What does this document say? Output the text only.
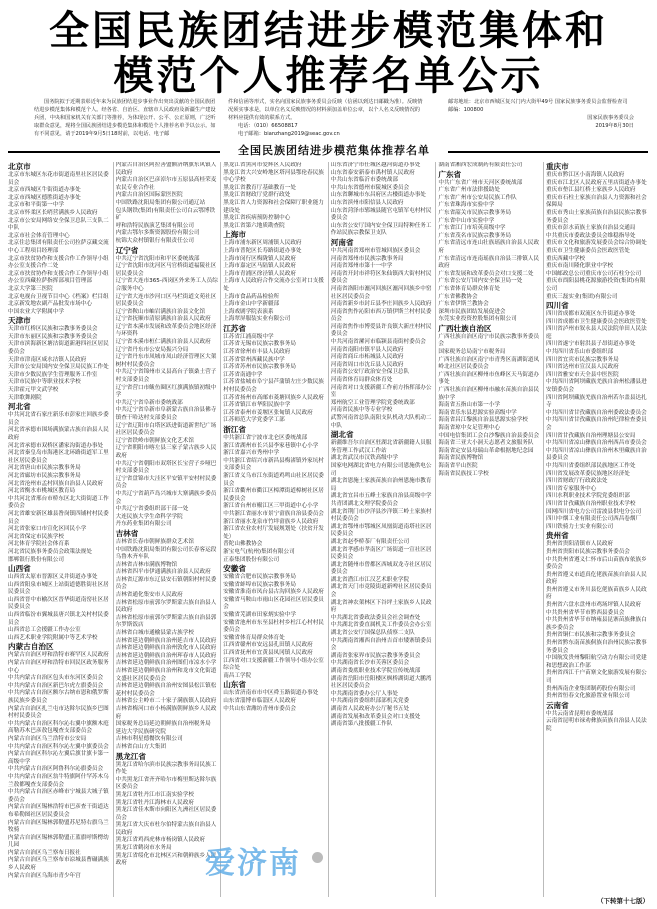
全国民族团结进步模范集体和
模范个人推荐名单公示

国务院拟于近期表彰近年来为民族团结进步事业作出突出贡献的全国民族团结进步模范集体和模范个人。经各省、自治区、直辖市人民政府及新疆生产建设兵团，中央和国家机关有关部门等推荐，为体现公开、公平、公正原则，广泛听取群众意见，现将全国民族团结进步模范集体和模范个人推荐名单予以公示。如有不同意见，请于2019年9月5日18时前，以电话、电子邮

件和信函等形式，实名向国家民族事务委员会反映（信函以到达日邮戳为准）。反映情况须实事求是，以单位名义反映情况的材料须加盖单位公章，以个人名义反映情况的材料应提供有效的联系方式。

电话：（010）66508817

电子邮箱：bianzhang2019@seac.gov.cn

邮寄地址：北京市西城区复兴门内大街甲49号 国家民族事务委员会监督检查司

邮编：100800

国家民族事务委员会

2019年8月30日

全国民族团结进步模范集体推荐名单
北京市
北京市东城区东花市街道南里社区居民委员会
北京市西城区牛街街道办事处
北京市西城区德胜街道办事处
北京市和平街第一中学
北京市怀柔区长哨营满族乡人民政府
北京市公安局网络安全保卫总队三支队二中队
北京市社会体育管理中心
北京住总集团有限责任公司拉萨京藏交流中心工程项目经理部
北京市扶贫协作和支援合作工作领导小组办公室支援合作二处
北京市扶贫协作和支援合作工作领导小组办公室西藏拉萨指挥部项目管理部
北京大学第三医院
北京电视台卫视节目中心《档案》栏目组
北京新发地农副产品批发市场中心
中国农业大学附属中学
天津市
天津市红桥区民族和宗教事务委员会
天津市东丽区民族和宗教事务委员会
天津市滨海新区塘沽街道新港四社区居民委员会
天津市津南区咸水沽镇人民政府
天津市公安局国内安全保卫局民族工作处
天津市少数民族学生管理服务工作室
天津市民族中等职业技术学校
天津霍元甲文武学校
天津歌舞剧院
河北省
中共河北省石家庄新乐市彭家庄回族乡委员会
河北省承德市围场满族蒙古族自治县人民政府
河北省承德市双桥区潘家沟街道办事处
河北省秦皇岛市海港区北环路街道军工里社区居民委员会
河北省唐山市民族宗教事务局
河北省廊坊市民族宗教事务局
河北省沧州市孟村回族自治县人民政府
河北省衡水市桃城区教育局
中共河北省邢台市桥东区北大街街道工作委员会
河北省雄安新区雄县昝岗镇四铺村村民委员会
河北省张家口市宣化区回民小学
河北省保定市民族学校
河北体育学院社会体育系
河北省民族事务委员会政策法规处
邯郸银行股份有限公司
山西省
山西省太原市晋源区义井街道办事处
山西省阳泉市城区上站街道德胜街社区居民委员会
山西省晋中市榆次区晋华街道南窑社区居民委员会
山西省临汾市翼城县唐兴镇北关村村民委员会
山西省总工会援疆工作办公室
山西艺术职业学院附属中等艺术学校
内蒙古自治区
内蒙古自治区呼和浩特市赛罕区人民政府
内蒙古自治区呼和浩特市回民区政务服务中心
中共内蒙古自治区包头市东河区委员会
中共内蒙古自治区新巴尔虎左旗委员会
中共内蒙古自治区额尔古纳市恩和俄罗斯族民族乡委员会
内蒙古自治区扎兰屯市达斡尔民族乡巴图村村民委员会
中共内蒙古自治区科尔沁右翼中旗额木庭高勒苏木巴彦敖包嘎查支部委员会
内蒙古自治区乌兰浩特市公安局
中共内蒙古自治区科尔沁左翼中旗委员会
内蒙古自治区科尔沁左翼后旗甘旗卡第一高级中学
中共内蒙古自治区阿鲁科尔沁旗委员会
中共内蒙古自治区翁牛特旗阿什罕苏木乌兰敖都嘎查支部委员会
中共内蒙古自治区赤峰市宁城县大城子镇委员会
内蒙古自治区锡林浩特市巴彦查干街道达布希勒图社区居民委员会
内蒙古自治区锡林郭勒盟苏尼特右旗乌兰牧骑
内蒙古自治区锡林郭勒盟正蓝旗呼斯楞幼儿园
内蒙古自治区乌兰察布日报社
内蒙古自治区乌兰察布市凉城县曹碾满族乡人民政府
内蒙古自治区乌海市青少年宫
内蒙古自治区阿拉善盟额济纳旗东风镇人民政府
内蒙古自治区巴彦淖尔市五原县高桂荣麦农民专业合作社
内蒙古自治区国际蒙医医院
中国铁路沈阳局集团有限公司通辽站
包头钢铁(集团)有限责任公司白云鄂博铁矿
呼和浩特民族演艺集团有限公司
内蒙古鄂尔多斯资源股份有限公司
杭锦大众村镇银行有限责任公司
辽宁省
中共辽宁省沈阳市和平区委统战部
辽宁省沈阳市沈河区马官桥街道福陵社区居民委员会
辽宁省大连市365-西岗区外来务工人员综合服务中心
辽宁省大连市沙河口区马栏街道文苑社区居民委员会
辽宁省鞍山市岫岩满族自治县文化馆
辽宁省抚顺市清原满族自治县人民政府
辽宁省本溪市发展和改革委员会地区经济与环资科
辽宁省本溪市桓仁满族自治县人民政府
辽宁省丹东市公安局振兴分局
辽宁省丹东市凤城市凤山经济管理区大架树村村民委员会
中共辽宁省锦州市义县高台子镇桑土营子村支部委员会
辽宁省营口市鲅鱼圈区红旗满族镇初级中学
中共辽宁省阜新市委统战部
中共辽宁省阜新市阜新蒙古族自治县佛寺镇查干哈达村支部委员会
辽宁省辽阳市白塔区跃进街道新世纪广场社区居民委员会
辽宁省铁岭市朝鲜族文化艺术馆
辽宁省朝阳市喀左县三家子蒙古族乡人民政府
中共辽宁省朝阳市双塔区长宝营子乡哑巴村支部委员会
辽宁省盘锦市大洼区平安镇平安村村民委员会
中共辽宁省葫芦岛兴城市大寨满族乡委员会
中共辽宁省委组织部干部一处
大连民族大学生命科学学院
丹东药业集团有限公司
吉林省
吉林省长春市朝鲜族群众艺术馆
中国铁路沈阳局集团有限公司长春客运段乌鲁木齐车队
吉林省吉林市满族博物馆
吉林省四平市伊通满族自治县人民政府
吉林省辽源市东辽县安石镇朝阳村村民委员会
吉林省通化集安市人民政府
吉林省松原市前郭尔罗斯蒙古族自治县人民政府
吉林省松原市前郭尔罗斯蒙古族自治县郭尔罗斯饭店
吉林省白城市通榆县蒙古族学校
吉林省延边朝鲜族自治州延吉市人民政府
吉林省延边朝鲜族自治州敦化市人民政府
吉林省延边朝鲜族自治州珲春市人民政府
吉林省延边朝鲜族自治州图们市凉水小学
吉林省延边朝鲜族自治州和龙市文化街道文盛社区居民委员会
吉林省延边朝鲜族自治州安图县松江镇松花村村民委员会
吉林省公主岭市二十家子满族镇人民政府
吉林省梅河口市小杨满族朝鲜族乡人民政府
国家税务总局延边朝鲜族自治州税务局
延边大学民族研究院
吉林市利星德餐饮有限公司
吉林省白山方大集团
黑龙江省
黑龙江省哈尔滨市民族宗教事务局民族工作处
中共黑龙江省齐齐哈尔市梅里斯达斡尔族区委员会
黑龙江省牡丹江市江南实验学校
黑龙江省牡丹江海林市人民政府
黑龙江省佳木斯市向阳区九洲社区居民委员会
黑龙江省大庆市杜尔伯特蒙古族自治县人民政府
黑龙江省鸡西虎林市杨岗镇人民政府
黑龙江省鹤岗市水务局
黑龙江省绥化市北林区兴和朝鲜族乡人民政府
黑龙江省黑河市爱辉区人民政府
黑龙江省大兴安岭地区塔河县鄂伦春民族中心学校
黑龙江省教育厅基础教育一处
黑龙江省财政厅党群行政处
黑龙江省人力资源和社会保障厅职业能力建设处
黑龙江省疾病预防控制中心
黑龙江省第六地质勘查院
上海市
上海市浦东新区周浦镇人民政府
上海市普陀区长寿路街道办事处
上海市闵行区梅陇镇人民政府
上海市嘉定区马陆镇人民政府
上海市青浦区徐泾镇人民政府
上海市人民政府合作交流办公室对口支援处
上海市食品药品检验所
上海市金山中学新疆部
上海戏剧学院表演系
上海翠屏服装实业有限公司
江苏省
江苏省江浦高级中学
江苏省无锡市民族宗教事务局
江苏省徐州市丰县人民政府
江苏省常州西藏民族中学
江苏省苏州市民族宗教事务局
江苏省南通中学
江苏省盐城市阜宁县芦蒲镇左庄少数民族村村民委员会
江苏省扬州市高邮市菱塘回族乡人民政府
江苏省镇江市华阳民族中学
江苏省泰州市姜堰区张甸镇人民政府
江苏师范大学党委学工部
浙江省
中共浙江省宁波市北仑区委统战部
浙江省湖州市长兴县李家巷镇中心小学
浙江省嘉兴市秀州中学
中共浙江省绍兴市新昌县梅渚镇外家坑村支部委员会
浙江省义乌市江东街道鸡鸣山社区居民委员会
浙江省衢州市衢江区樟潭街道樟树社区居民委员会
浙江省台州市椒江区三甲街道中心小学
中共浙江省丽水市景宁畲族自治县委员会
浙江省丽水龙泉市竹垟畲族乡人民政府
浙江省农业农村厅发展规划处（扶贫开发处）
普陀山佛教协会
浙宝电气(杭州)集团有限公司
正泰集团股份有限公司
安徽省
安徽省合肥市民族宗教事务局
安徽省蚌埠市民族宗教事务局
安徽省淮南市凤台县古沟回族乡人民政府
安徽省马鞍山市雨山区花园社区居民委员会
安徽省芜湖市田家炳实验中学
安徽省池州市东至县杜村乡杜江心村村民委员会
安徽省体育局群众体育处
江西省赣州市安远县孔田镇人民政府
江西省抚州市宜黄县凤冈镇人民政府
江西省对口支援新疆工作领导小组办公室综合处
南昌工学院
山东省
山东省济南市市中区舜玉路街道办事处
山东省淄博市临淄区人民政府
中共山东省潍坊青州市委员会
山东省济宁市任城区越河街道办事处
山东省泰安新泰市禹村镇人民政府
中共山东省临沂市委统战部
中共山东省德州市陵城区委员会
山东省聊城市东昌府区古楼街道办事处
山东省滨州市阳信县人民政府
山东省菏泽市郓城县随官屯镇军屯村村民委员会
山东省公安厅国内安全保卫局特种任务工作站民族宗教保卫支队
河南省
中共河南省郑州市管城回族区委员会
河南省郑州市民族宗教事务局
河南省郑州市第十一中学
河南省开封市祥符区朱仙镇西大街村村民委员会
河南省洛阳市瀍河回族区瀍河回族乡中窑社区居民委员会
河南省新乡市封丘县李庄回族乡人民政府
河南省焦作沁阳市西万镇伊斯兰村村民委员会
河南省焦作市博爱县许良镇大新庄村村民委员会
中共河南省漯河市临颍县南街村委员会
河南省南阳市镇平县人民政府
河南省商丘市柘城县人民政府
河南省周口市沈丘县人民政府
河南省公安厅政治安全保卫总队
河南省体育局群众体育处
河南省对口支援新疆工作前方指挥部办公室
郑州航空工业管理学院党委统战部
河南省民族中等专业学校
武警河南省总队南阳支队机动大队机动二中队
湖北省
新疆维吾尔自治区驻湖北省新疆籍人员服务管理工作武汉工作站
湖北省武汉市汉铁高级中学
国家电网湖北省电力有限公司恩施供电公司
湖北省恩施土家族苗族自治州恩施市教育局
湖北省宜昌市五峰土家族自治县高级中学
共青团湖北文理学院委员会
湖北省荆门市沙洋县沙洋镇三岭土家族村村民委员会
湖北省鄂州市鄂城区凤凰街道南塔社区居民委员会
湖北省赵李桥茶厂有限责任公司
湖北省孝感市孝南区广场街道一宣社区居民委员会
湖北省随州市曾都区西城双龙寺社区居民委员会
湖北省潜江市江汉艺术职业学院
湖北省天门市竟陵街道新啤社区居民委员会
湖北省神农架林区下谷坪土家族乡人民政府
中共湖北省委政法委员会社会调查处
中共湖北省委直属机关工作委员会办公室
湖北省公安厅国保总队侦察二支队
中共湖南省湘西自治州吉首市矮寨镇委员会
湖南省张家界市民族宗教事务委员会
中共湖南省长沙市芙蓉区委员会
湖南省娄底职业技术学院宣传统战部
湖南省岳阳市岳阳楼区枫桥湖街道大鹏湾社区居民委员会
中共湖南省委办公厅人事处
中共湖南省委组织部部机关党委
湖南省人民政府办公厅秘书五处
湖南省发展和改革委员会对口支援处
湖南省第八批援疆工作队
湖南省湘西宏成制药有限责任公司
广东省
中共广东省广州市天河区委统战部
广东省广州市法律援助处
广东省广州市公安局民族工作队
广东省珠海市实验中学
广东省韶关市民族宗教事务局
广东省中山市实验中学
广东省江门市培英高级中学
广东省茂名市民族宗教事务局
广东省清远市连山壮族瑶族自治县人民政府
广东省清远市连南瑶族自治县三排镇人民政府
广东省发展和改革委员会对口支援二处
广东省公安厅国内安全保卫局一处
广东省体育局群众体育处
广东省佛教协会
广东省伊斯兰教协会
深圳市民族团结发展促进会
东莞实业投资控股集团有限公司
广西壮族自治区
广西壮族自治区南宁市民族宗教事务委员会
国家税务总局南宁市税务局
广西壮族自治区南宁市青秀区南湖街道凤岭北社区居民委员会
广西壮族自治区柳州市鱼峰区天马街道办事处
广西壮族自治区柳州市融水苗族自治县民族中学
海南省五指山市第一小学
海南省乐东县思源实验高级中学
海南省昌江黎族自治县思源实验学校
海南省琼中女足管理中心
中国电信集团工会白沙黎族自治县委员会
海南省三亚大小洞天志愿者文旅服务队
海南省定安县母瑞山革命根据地纪念园
海南省民族博物馆
海南省平山医院
海南省民族技工学校
重庆市
重庆市黔江区小南海镇人民政府
重庆市江北区人民政府五里店街道办事处
重庆市垫江县红桥土家族乡人民政府
重庆市石柱土家族自治县人力资源和社会保障局
重庆市秀山土家族苗族自治县民族宗教事务委员会
重庆市彭水苗族土家族自治县交通局
中共重庆市委政法委员会维稳指导处
重庆市文化和旅游发展委员会综合协调处
重庆市卫生健康委员会医政医管处
重庆西藏中学校
重庆市南川隆化职业中学校
中国邮政总公司重庆市公司石柱分公司
重庆市酉阳县桃花源旅游投资(集团)有限公司
重庆三磊实业(集团)有限公司
四川省
四川省成都市双流区东升街道办事处
四川省成都市卫生健康委员会医政医管处
四川省泸州市叙永县人民法院单田人民法庭
四川省遂宁市射洪县子昂街道办事处
中共四川省乐山市委组织部
四川省宜宾市民族宗教事务局
四川省达州市宣汉县人民政府
四川省雅安市天全县中医医院
中共四川省阿坝藏族羌族自治州松潘县进安镇委员会
四川省阿坝藏族羌族自治州若尔盖县达扎寺
中共四川省甘孜藏族自治州委政法委员会
中共四川省甘孜藏族自治州纪律检查委员会
四川省甘孜藏族自治州理塘县公安局
中共四川省凉山彝族自治州西昌市委员会
中共四川省凉山彝族自治州木里藏族自治县委员会
中共四川省委组织部民族地区工作处
四川省发展改革委民族地区经济处
四川省财政厅行政政法处
四川省专家服务中心
四川水利职业技术学院党委组织部
四川省甘孜藏族自治州职业技术学校
国网四川省电力公司雷波县供电分公司
四川中烟工业有限责任公司西昌卷烟厂
四川铁骑力士实业有限公司
贵州省
贵州省贵阳清镇市人民政府
贵州省贵阳市民族宗教事务委员会
中共贵州省遵义仁怀市后山苗族布依族乡委员会
贵州省遵义市道真仡佬族苗族自治县人民政府
贵州省遵义市务川县仡佬族苗族乡人民政府
贵州省六盘水盘州市鸡场坪镇人民政府
中共贵州省毕节市黔西县委员会
中共贵州省毕节市纳雍县昆寨苗族彝族白族乡委员会
贵州省铜仁市民族和宗教事务委员会
贵州省黔东南苗族侗族自治州民族宗教事务委员会
中国航发贵州黎阳航空动力有限公司党建和思想政治工作部
贵州省西江千户苗寨文化旅游发展有限公司
贵州西南企业集团制药股份有限公司
贵州省恒春文化旅游置业有限公司
云南省
中共云南省昆明市委统战部
云南省昆明市禄劝彝族苗族自治县人民法院
爱济南
（下转第十七版）
